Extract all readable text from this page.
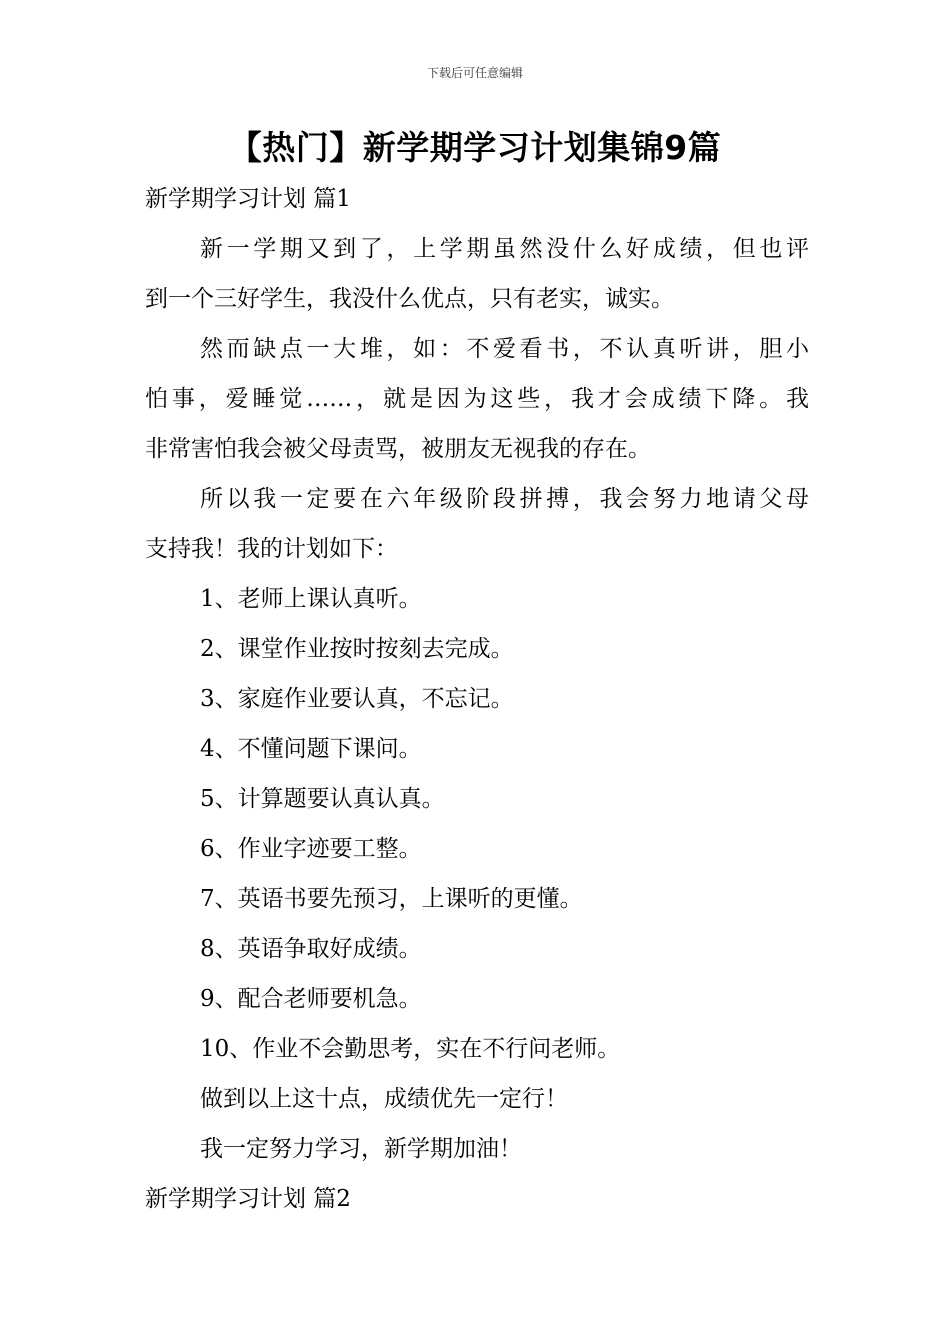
下载后可任意编辑
【热门】新学期学习计划集锦9篇
新学期学习计划 篇1
新一学期又到了，上学期虽然没什么好成绩，但也评
到一个三好学生，我没什么优点，只有老实，诚实。
然而缺点一大堆，如：不爱看书，不认真听讲，胆小
怕事，爱睡觉……，就是因为这些，我才会成绩下降。我
非常害怕我会被父母责骂，被朋友无视我的存在。
所以我一定要在六年级阶段拼搏，我会努力地请父母
支持我！我的计划如下：
1、老师上课认真听。
2、课堂作业按时按刻去完成。
3、家庭作业要认真，不忘记。
4、不懂问题下课问。
5、计算题要认真认真。
6、作业字迹要工整。
7、英语书要先预习，上课听的更懂。
8、英语争取好成绩。
9、配合老师要机急。
10、作业不会勤思考，实在不行问老师。
做到以上这十点，成绩优先一定行！
我一定努力学习，新学期加油！
新学期学习计划 篇2
